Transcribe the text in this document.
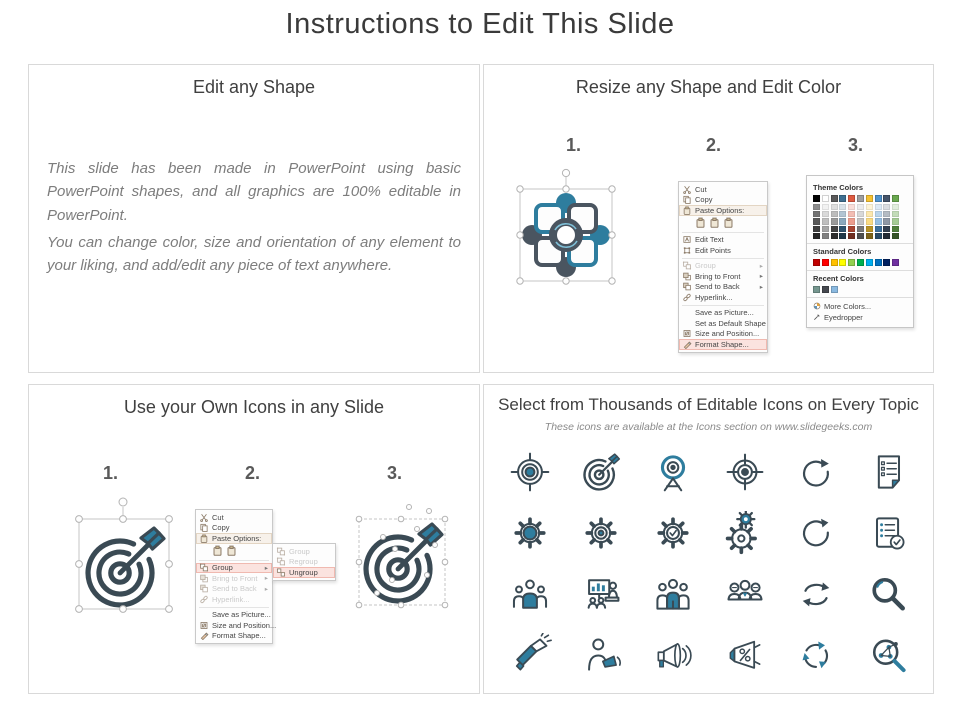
Instructions to Edit This Slide
Edit any Shape
This slide has been made in PowerPoint using basic PowerPoint shapes, and all graphics are 100% editable in PowerPoint.
You can change color, size and orientation of any element to your liking, and add/edit any piece of text anywhere.
Resize any Shape and Edit Color
1.	2.	3.
Cut
Copy
Paste Options:
Edit Text
Edit Points
Group	▸
Bring to Front	▸
Send to Back	▸
Hyperlink...
Save as Picture...
Set as Default Shape
Size and Position...
Format Shape...
Theme Colors
Standard Colors
Recent Colors
More Colors...
Eyedropper
Use your Own Icons in any Slide
1.	2.	3.
Cut
Copy
Paste Options:
Group	▸
Bring to Front ▸
Send to Back ▸
Hyperlink...
Save as Picture...
Size and Position...
Format Shape...
Group
Regroup
Ungroup
Select from Thousands of Editable Icons on Every Topic
These icons are available at the Icons section on www.slidegeeks.com
